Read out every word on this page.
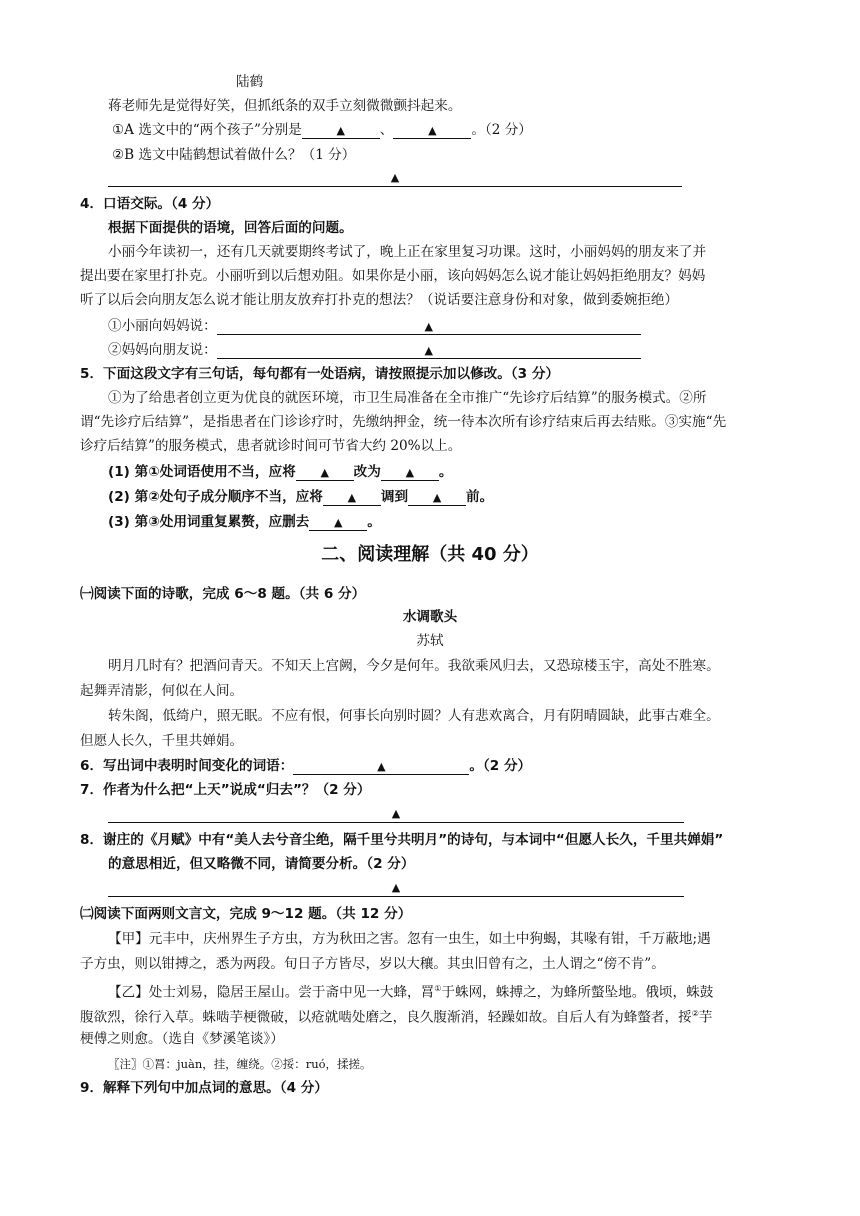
陆鹤
蒋老师先是觉得好笑，但抓纸条的双手立刻微微颤抖起来。
①A 选文中的“两个孩子”分别是	▲	、	▲	。（2 分）
②B 选文中陆鹤想试着做什么？（1 分）
▲
4．口语交际。（4 分）
根据下面提供的语境，回答后面的问题。
小丽今年读初一，还有几天就要期终考试了，晚上正在家里复习功课。这时，小丽妈妈的朋友来了并
提出要在家里打扑克。小丽听到以后想劝阻。如果你是小丽，该向妈妈怎么说才能让妈妈拒绝朋友？妈妈
听了以后会向朋友怎么说才能让朋友放弃打扑克的想法？（说话要注意身份和对象，做到委婉拒绝）
①小丽向妈妈说：	▲
②妈妈向朋友说：	▲
5．下面这段文字有三句话，每句都有一处语病，请按照提示加以修改。（3 分）
①为了给患者创立更为优良的就医环境，市卫生局准备在全市推广“先诊疗后结算”的服务模式。②所
谓“先诊疗后结算”，是指患者在门诊诊疗时，先缴纳押金，统一待本次所有诊疗结束后再去结账。③实施“先
诊疗后结算”的服务模式，患者就诊时间可节省大约 20%以上。
(1) 第①处词语使用不当，应将 ▲ 改为 ▲ 。
(2) 第②处句子成分顺序不当，应将 ▲ 调到 ▲ 前。
(3) 第③处用词重复累赘，应删去 ▲ 。
二、阅读理解（共 40 分）
㈠阅读下面的诗歌，完成 6～8 题。（共 6 分）
水调歌头
苏轼
明月几时有？把酒问青天。不知天上宫阙，今夕是何年。我欲乘风归去，又恐琼楼玉宇，高处不胜寒。
起舞弄清影，何似在人间。
转朱阁，低绮户，照无眠。不应有恨，何事长向别时圆？人有悲欢离合，月有阴晴圆缺，此事古难全。
但愿人长久，千里共婵娟。
6．写出词中表明时间变化的词语：	▲	。（2 分）
7．作者为什么把“上天”说成“归去”？（2 分）
▲
8．谢庄的《月赋》中有“美人去兮音尘绝，隔千里兮共明月”的诗句，与本词中“但愿人长久，千里共婵娟”
的意思相近，但又略微不同，请简要分析。（2 分）
▲
㈡阅读下面两则文言文，完成 9～12 题。（共 12 分）
【甲】元丰中，庆州界生子方虫，方为秋田之害。忽有一虫生，如土中狗蝎，其喙有钳，千万蔽地;遇
子方虫，则以钳搏之，悉为两段。旬日子方皆尽，岁以大穰。其虫旧曾有之，土人谓之“傍不肯”。
【乙】处士刘易，隐居王屋山。尝于斋中见一大蜂，罥①于蛛网，蛛搏之，为蜂所螫坠地。俄顷，蛛鼓
腹欲烈，徐行入草。蛛啮芋梗微破，以疮就啮处磨之，良久腹渐消，轻躁如故。自后人有为蜂螫者，挼②芋
梗傅之则愈。（选自《梦溪笔谈》）
〖注〗①罥：juàn，挂，缠绕。②挼：ruó，揉搓。
9．解释下列句中加点词的意思。（4 分）
